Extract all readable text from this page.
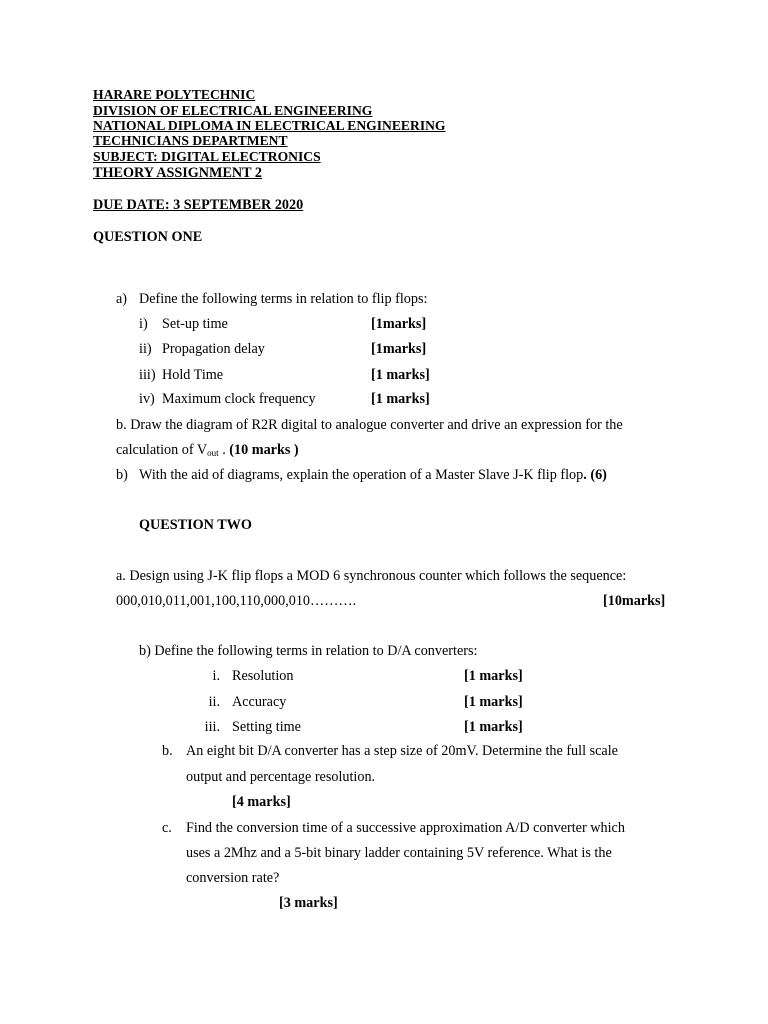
HARARE POLYTECHNIC
DIVISION OF ELECTRICAL ENGINEERING
NATIONAL DIPLOMA IN ELECTRICAL ENGINEERING
TECHNICIANS DEPARTMENT
SUBJECT: DIGITAL ELECTRONICS
THEORY ASSIGNMENT 2
DUE DATE: 3 SEPTEMBER 2020
QUESTION ONE
a) Define the following terms in relation to flip flops:
i) Set-up time	[1marks]
ii) Propagation delay	[1marks]
iii) Hold Time	[1 marks]
iv) Maximum clock frequency	[1 marks]
b. Draw the diagram of R2R digital to analogue converter and drive an expression for the
calculation of $V_{out}$ . (10 marks )
b) With the aid of diagrams, explain the operation of a Master Slave J-K flip flop. (6)
QUESTION TWO
a. Design using J-K flip flops a MOD 6 synchronous counter which follows the sequence:
000,010,011,001,100,110,000,010……….	[10marks]
b) Define the following terms in relation to D/A converters:
i. Resolution	[1 marks]
ii. Accuracy	[1 marks]
iii. Setting time	[1 marks]
b. An eight bit D/A converter has a step size of 20mV. Determine the full scale
output and percentage resolution.
[4 marks]
c. Find the conversion time of a successive approximation A/D converter which
uses a 2Mhz and a 5-bit binary ladder containing 5V reference. What is the
conversion rate?
[3 marks]
